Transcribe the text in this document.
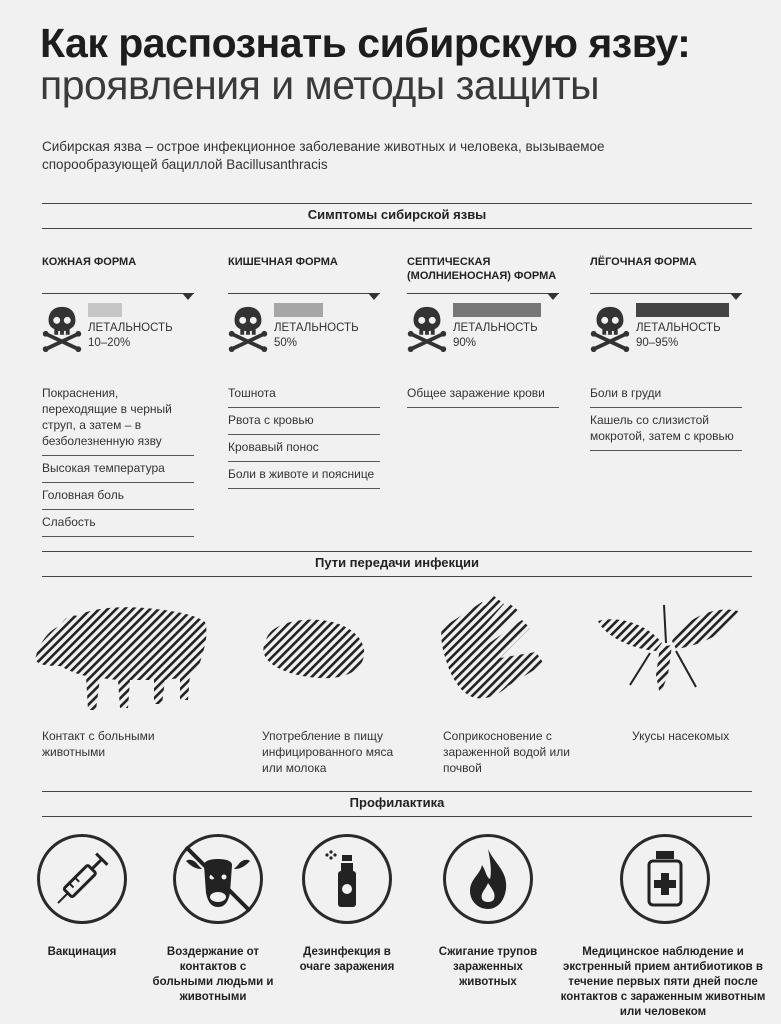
Как распознать сибирскую язву:
проявления и методы защиты
Сибирская язва – острое инфекционное заболевание животных и человека, вызываемое спорообразующей бациллой Bacillusanthracis
Симптомы сибирской язвы
КОЖНАЯ ФОРМА
ЛЕТАЛЬНОСТЬ
10–20%
Покраснения, переходящие в черный струп, а затем – в безболезненную язву
Высокая температура
Головная боль
Слабость
КИШЕЧНАЯ ФОРМА
ЛЕТАЛЬНОСТЬ
50%
Тошнота
Рвота с кровью
Кровавый понос
Боли в животе и пояснице
СЕПТИЧЕСКАЯ (МОЛНИЕНОСНАЯ) ФОРМА
ЛЕТАЛЬНОСТЬ
90%
Общее заражение крови
ЛЁГОЧНАЯ ФОРМА
ЛЕТАЛЬНОСТЬ
90–95%
Боли в груди
Кашель со слизистой мокротой, затем с кровью
Пути передачи инфекции
Контакт с больными животными
Употребление в пищу инфицированного мяса или молока
Соприкосновение с зараженной водой или почвой
Укусы насекомых
Профилактика
Вакцинация	Воздержание от контактов с больными людьми и животными
Дезинфекция в очаге заражения
Сжигание трупов зараженных животных
Медицинское наблюдение и экстренный прием антибиотиков в течение первых пяти дней после контактов с зараженным животным или человеком
